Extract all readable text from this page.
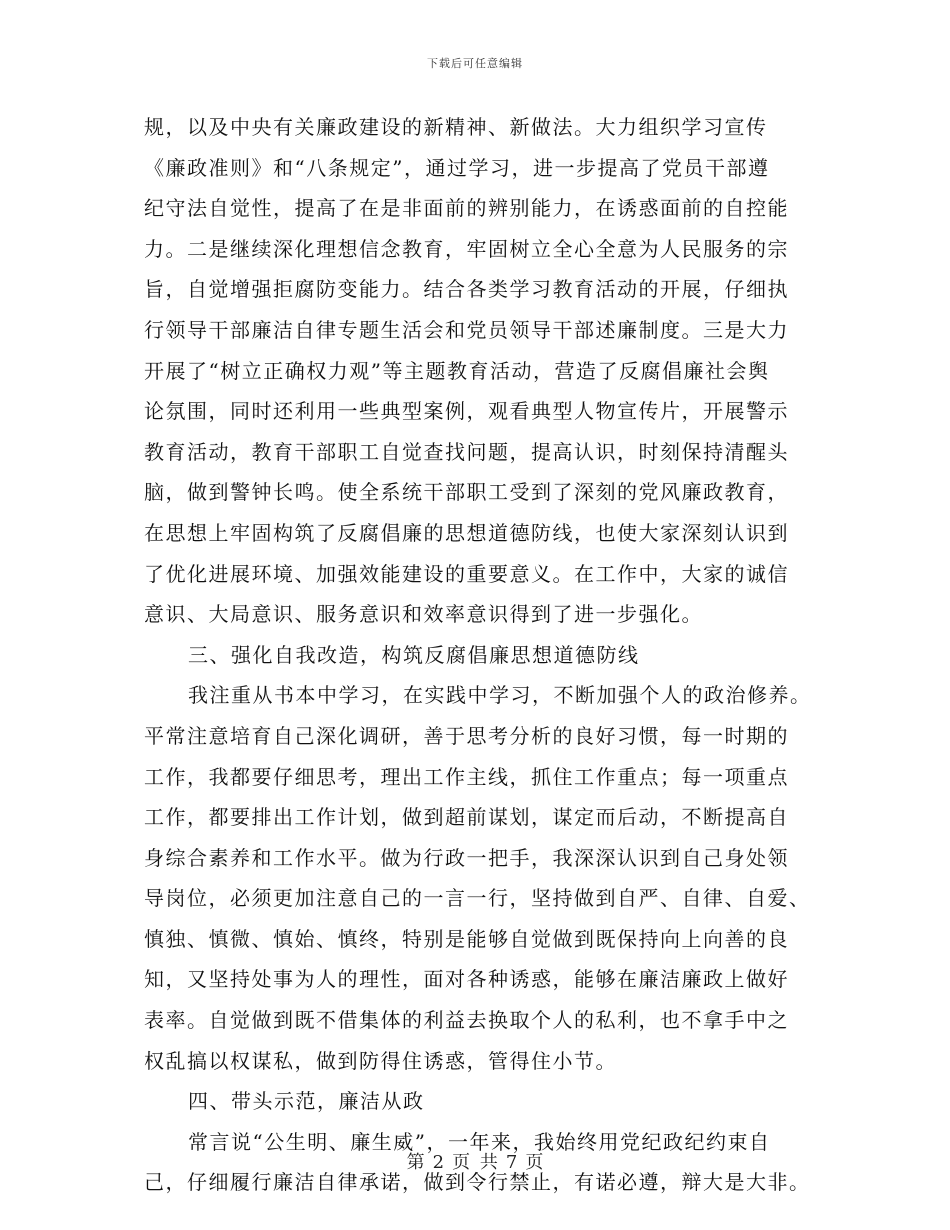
下载后可任意编辑
规，以及中央有关廉政建设的新精神、新做法。大力组织学习宣传
《廉政准则》和“八条规定”，通过学习，进一步提高了党员干部遵
纪守法自觉性，提高了在是非面前的辨别能力，在诱惑面前的自控能
力。二是继续深化理想信念教育，牢固树立全心全意为人民服务的宗
旨，自觉增强拒腐防变能力。结合各类学习教育活动的开展，仔细执
行领导干部廉洁自律专题生活会和党员领导干部述廉制度。三是大力
开展了“树立正确权力观”等主题教育活动，营造了反腐倡廉社会舆
论氛围，同时还利用一些典型案例，观看典型人物宣传片，开展警示
教育活动，教育干部职工自觉查找问题，提高认识，时刻保持清醒头
脑，做到警钟长鸣。使全系统干部职工受到了深刻的党风廉政教育，
在思想上牢固构筑了反腐倡廉的思想道德防线，也使大家深刻认识到
了优化进展环境、加强效能建设的重要意义。在工作中，大家的诚信
意识、大局意识、服务意识和效率意识得到了进一步强化。
三、强化自我改造，构筑反腐倡廉思想道德防线
我注重从书本中学习，在实践中学习，不断加强个人的政治修养。
平常注意培育自己深化调研，善于思考分析的良好习惯，每一时期的
工作，我都要仔细思考，理出工作主线，抓住工作重点；每一项重点
工作，都要排出工作计划，做到超前谋划，谋定而后动，不断提高自
身综合素养和工作水平。做为行政一把手，我深深认识到自己身处领
导岗位，必须更加注意自己的一言一行，坚持做到自严、自律、自爱、
慎独、慎微、慎始、慎终，特别是能够自觉做到既保持向上向善的良
知，又坚持处事为人的理性，面对各种诱惑，能够在廉洁廉政上做好
表率。自觉做到既不借集体的利益去换取个人的私利，也不拿手中之
权乱搞以权谋私，做到防得住诱惑，管得住小节。
四、带头示范，廉洁从政
常言说“公生明、廉生威”，一年来，我始终用党纪政纪约束自
己，仔细履行廉洁自律承诺，做到令行禁止，有诺必遵，辩大是大非。
第 2 页 共 7 页
